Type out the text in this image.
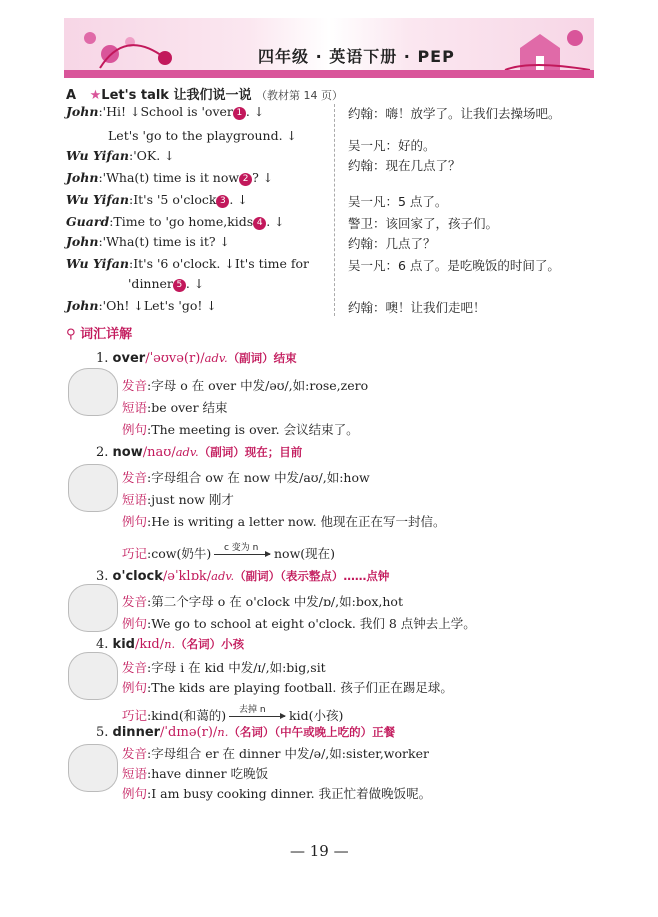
四年级 · 英语下册 · PEP
A ★Let's talk 让我们说一说 （教材第 14 页）
John:'Hi! ↓School is 'over 1 . ↓
Let's 'go to the playground. ↓
Wu Yifan:'OK. ↓
John:'Wha(t) time is it now 2 ? ↓
Wu Yifan:It's '5 o'clock 3 . ↓
Guard:Time to 'go home,kids 4 . ↓
John:'Wha(t) time is it? ↓
Wu Yifan:It's '6 o'clock. ↓It's time for
'dinner 5 . ↓
John:'Oh! ↓Let's 'go! ↓
约翰：嗨！放学了。让我们去操场吧。
吴一凡：好的。
约翰：现在几点了？
吴一凡：5 点了。
警卫：该回家了，孩子们。
约翰：几点了？
吴一凡：6 点了。是吃晚饭的时间了。
约翰：噢！让我们走吧！
⚲ 词汇详解
1. over/ˈəʊvə(r)/adv.（副词）结束
发音:字母 o 在 over 中发/əʊ/,如:rose,zero
短语:be over 结束
例句:The meeting is over. 会议结束了。
2. now/naʊ/adv.（副词）现在；目前
发音:字母组合 ow 在 now 中发/aʊ/,如:how
短语:just now 刚才
例句:He is writing a letter now. 他现在正在写一封信。
巧记:cow(奶牛) c 变为 n now(现在)
3. o'clock/əˈklɒk/adv.（副词）（表示整点）……点钟
发音:第二个字母 o 在 o'clock 中发/ɒ/,如:box,hot
例句:We go to school at eight o'clock. 我们 8 点钟去上学。
4. kid/kɪd/n.（名词）小孩
发音:字母 i 在 kid 中发/ɪ/,如:big,sit
例句:The kids are playing football. 孩子们正在踢足球。
巧记:kind(和蔼的) 去掉 n kid(小孩)
5. dinner/ˈdɪnə(r)/n.（名词）（中午或晚上吃的）正餐
发音:字母组合 er 在 dinner 中发/ə/,如:sister,worker
短语:have dinner 吃晚饭
例句:I am busy cooking dinner. 我正忙着做晚饭呢。
— 19 —
